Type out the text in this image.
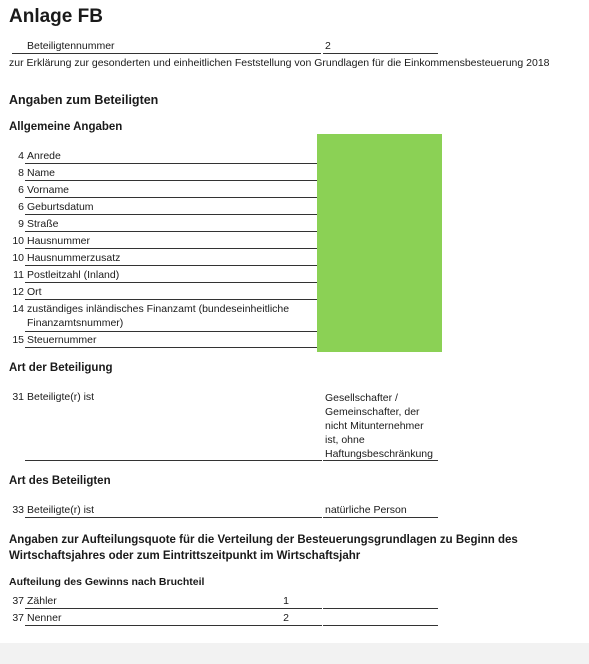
Anlage FB
Beteiligtennummer	2
zur Erklärung zur gesonderten und einheitlichen Feststellung von Grundlagen für die Einkommensbesteuerung 2018
Angaben zum Beteiligten
Allgemeine Angaben
4 Anrede
8 Name
6 Vorname
6 Geburtsdatum
9 Straße
10 Hausnummer
10 Hausnummerzusatz
11 Postleitzahl (Inland)
12 Ort
14 zuständiges inländisches Finanzamt (bundeseinheitliche
Finanzamtsnummer)
15 Steuernummer
Art der Beteiligung
31 Beteiligte(r) ist	Gesellschafter /
Gemeinschafter, der
nicht Mitunternehmer
ist, ohne
Haftungsbeschränkung
Art des Beteiligten
33 Beteiligte(r) ist	natürliche Person
Angaben zur Aufteilungsquote für die Verteilung der Besteuerungsgrundlagen zu Beginn des
Wirtschaftsjahres oder zum Eintrittszeitpunkt im Wirtschaftsjahr
Aufteilung des Gewinns nach Bruchteil
37 Zähler	1
37 Nenner	2
